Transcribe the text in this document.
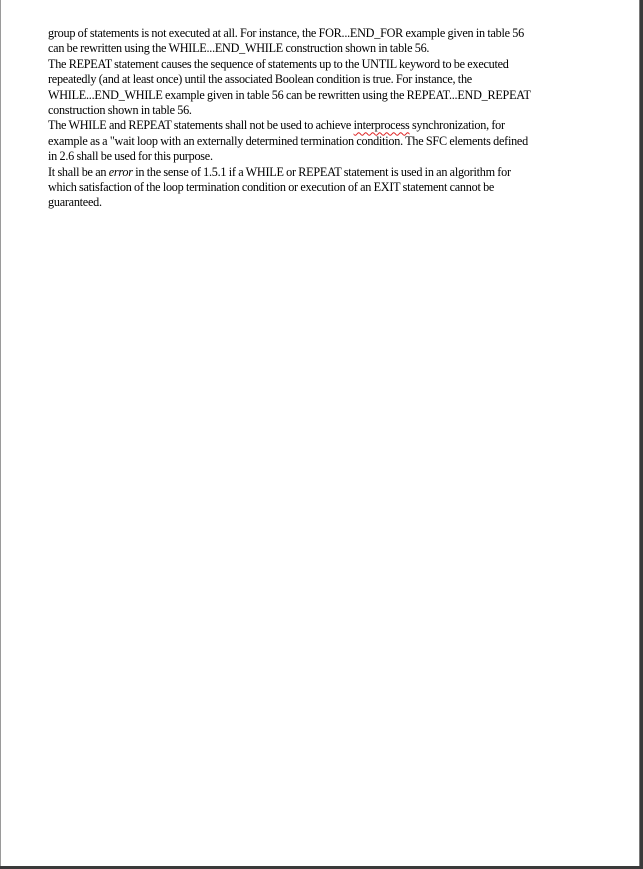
group of statements is not executed at all. For instance, the FOR...END_FOR example given in table 56
can be rewritten using the WHILE...END_WHILE construction shown in table 56.
The REPEAT statement causes the sequence of statements up to the UNTIL keyword to be executed
repeatedly (and at least once) until the associated Boolean condition is true. For instance, the
WHILE...END_WHILE example given in table 56 can be rewritten using the REPEAT...END_REPEAT
construction shown in table 56.
The WHILE and REPEAT statements shall not be used to achieve interprocess synchronization, for
example as a "wait loop with an externally determined termination condition. The SFC elements defined
in 2.6 shall be used for this purpose.
It shall be an error in the sense of 1.5.1 if a WHILE or REPEAT statement is used in an algorithm for
which satisfaction of the loop termination condition or execution of an EXIT statement cannot be
guaranteed.
